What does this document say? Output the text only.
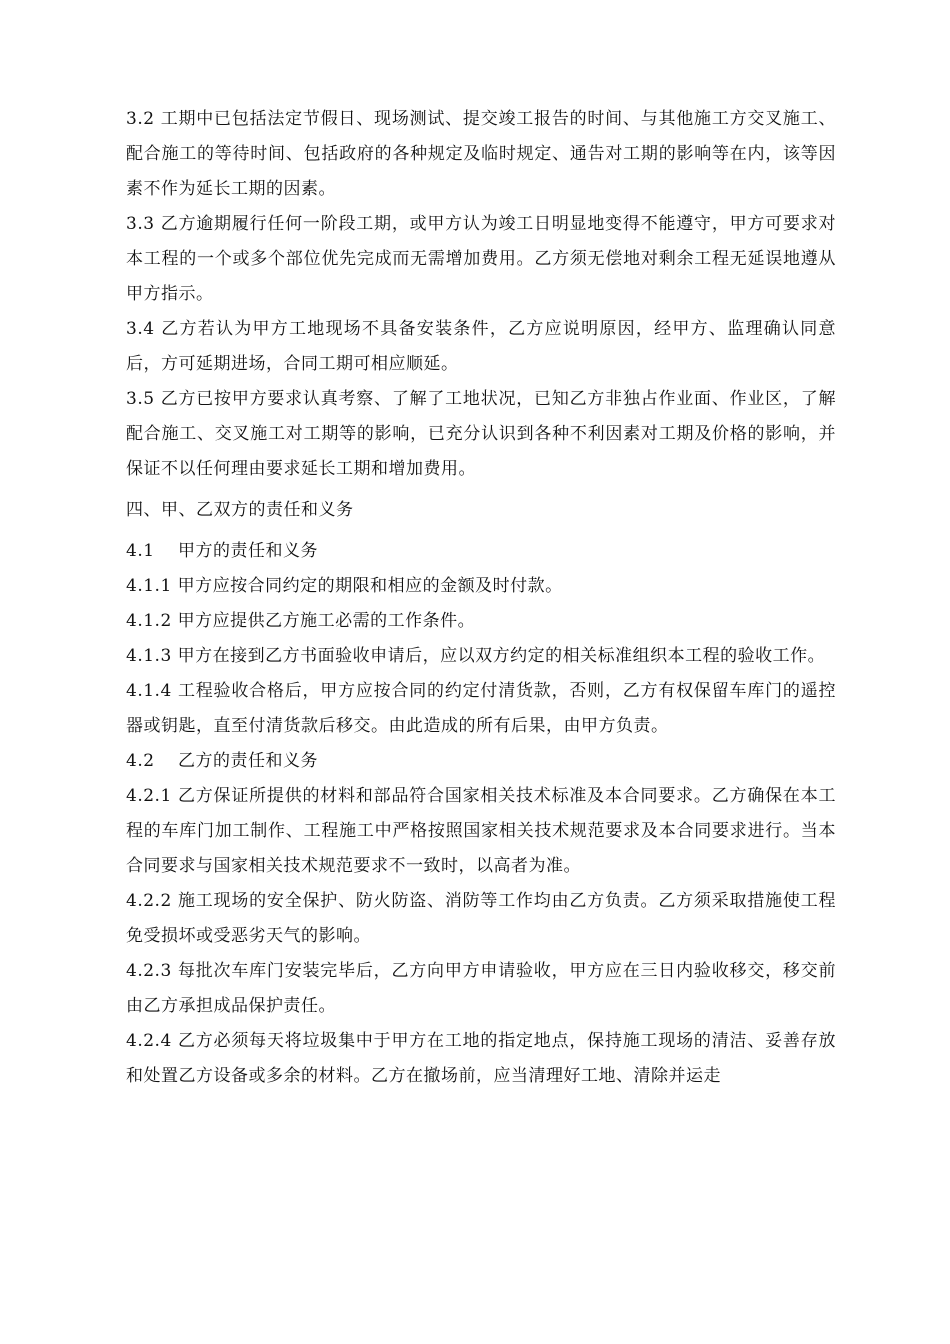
3.2 工期中已包括法定节假日、现场测试、提交竣工报告的时间、与其他施工方交叉施工、配合施工的等待时间、包括政府的各种规定及临时规定、通告对工期的影响等在内，该等因素不作为延长工期的因素。

3.3 乙方逾期履行任何一阶段工期，或甲方认为竣工日明显地变得不能遵守，甲方可要求对本工程的一个或多个部位优先完成而无需增加费用。乙方须无偿地对剩余工程无延误地遵从甲方指示。

3.4 乙方若认为甲方工地现场不具备安装条件，乙方应说明原因，经甲方、监理确认同意后，方可延期进场，合同工期可相应顺延。

3.5 乙方已按甲方要求认真考察、了解了工地状况，已知乙方非独占作业面、作业区，了解配合施工、交叉施工对工期等的影响，已充分认识到各种不利因素对工期及价格的影响，并保证不以任何理由要求延长工期和增加费用。

四、甲、乙双方的责任和义务

4.1　 甲方的责任和义务

4.1.1 甲方应按合同约定的期限和相应的金额及时付款。

4.1.2 甲方应提供乙方施工必需的工作条件。

4.1.3 甲方在接到乙方书面验收申请后，应以双方约定的相关标准组织本工程的验收工作。

4.1.4 工程验收合格后，甲方应按合同的约定付清货款，否则，乙方有权保留车库门的遥控器或钥匙，直至付清货款后移交。由此造成的所有后果，由甲方负责。

4.2　 乙方的责任和义务

4.2.1 乙方保证所提供的材料和部品符合国家相关技术标准及本合同要求。乙方确保在本工程的车库门加工制作、工程施工中严格按照国家相关技术规范要求及本合同要求进行。当本合同要求与国家相关技术规范要求不一致时，以高者为准。

4.2.2 施工现场的安全保护、防火防盗、消防等工作均由乙方负责。乙方须采取措施使工程免受损坏或受恶劣天气的影响。

4.2.3 每批次车库门安装完毕后，乙方向甲方申请验收，甲方应在三日内验收移交，移交前由乙方承担成品保护责任。

4.2.4 乙方必须每天将垃圾集中于甲方在工地的指定地点，保持施工现场的清洁、妥善存放和处置乙方设备或多余的材料。乙方在撤场前，应当清理好工地、清除并运走
